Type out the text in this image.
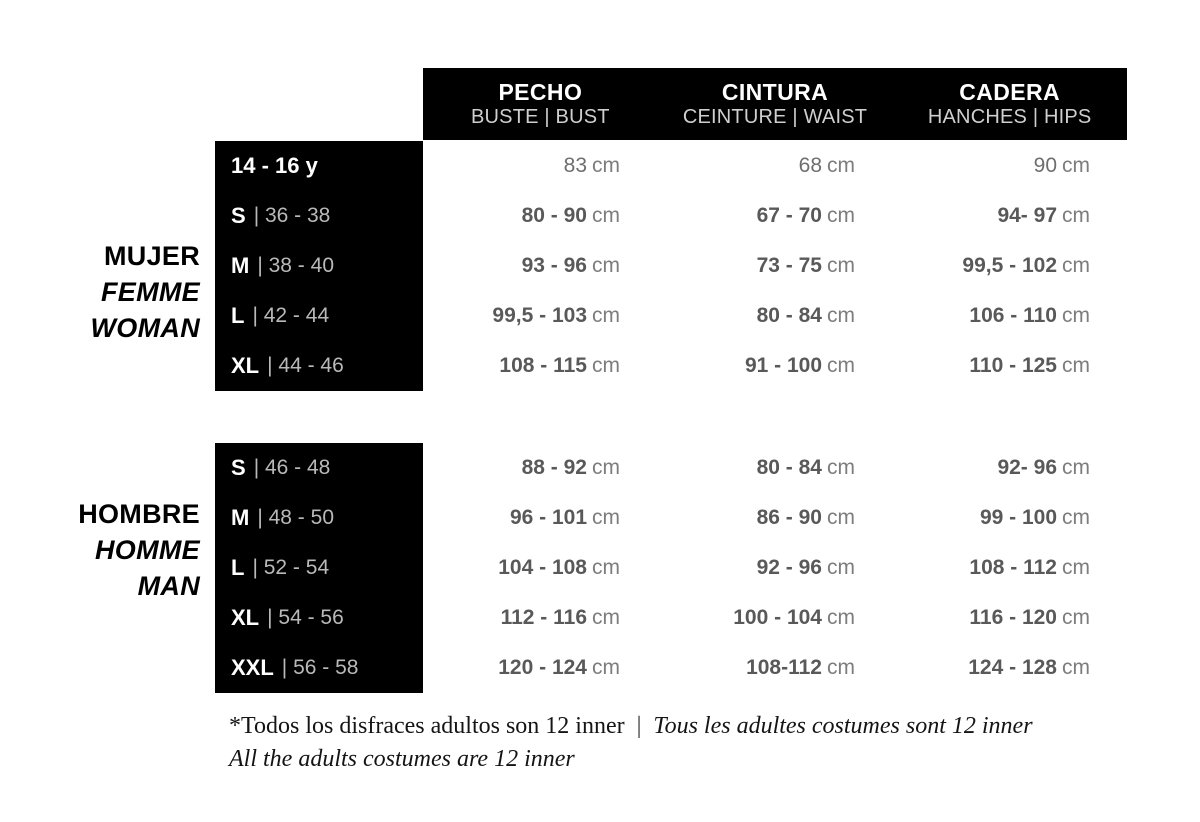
PECHO
BUSTE | BUST
CINTURA
CEINTURE | WAIST
CADERA
HANCHES | HIPS
MUJER
FEMME
WOMAN
14 - 16 y	83 cm	68 cm	90 cm
S | 36 - 38	80 - 90 cm	67 - 70 cm	94- 97 cm
M | 38 - 40	93 - 96 cm	73 - 75 cm	99,5 - 102 cm
L | 42 - 44	99,5 - 103 cm	80 - 84 cm	106 - 110 cm
XL | 44 - 46	108 - 115 cm	91 - 100 cm	110 - 125 cm
HOMBRE
HOMME
MAN
S | 46 - 48	88 - 92 cm	80 - 84 cm	92- 96 cm
M | 48 - 50	96 - 101 cm	86 - 90 cm	99 - 100 cm
L | 52 - 54	104 - 108 cm	92 - 96 cm	108 - 112 cm
XL | 54 - 56	112 - 116 cm	100 - 104 cm	116 - 120 cm
XXL | 56 - 58	120 - 124 cm	108-112 cm	124 - 128 cm
*Todos los disfraces adultos son 12 inner | Tous les adultes costumes sont 12 inner
All the adults costumes are 12 inner
